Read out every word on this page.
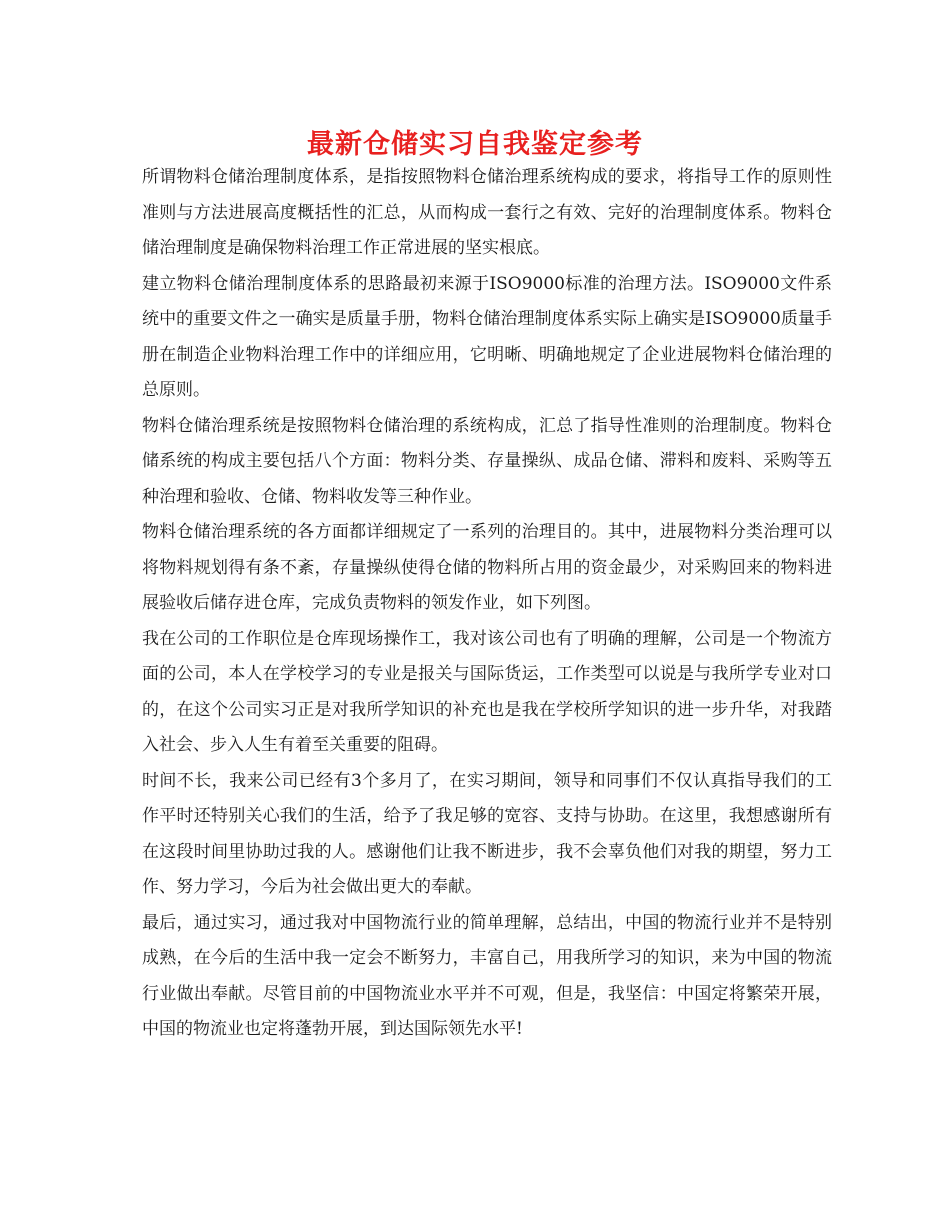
最新仓储实习自我鉴定参考

所谓物料仓储治理制度体系，是指按照物料仓储治理系统构成的要求，将指导工作的原则性准则与方法进展高度概括性的汇总，从而构成一套行之有效、完好的治理制度体系。物料仓储治理制度是确保物料治理工作正常进展的坚实根底。

建立物料仓储治理制度体系的思路最初来源于ISO9000标准的治理方法。ISO9000文件系统中的重要文件之一确实是质量手册，物料仓储治理制度体系实际上确实是ISO9000质量手册在制造企业物料治理工作中的详细应用，它明晰、明确地规定了企业进展物料仓储治理的总原则。

物料仓储治理系统是按照物料仓储治理的系统构成，汇总了指导性准则的治理制度。物料仓储系统的构成主要包括八个方面：物料分类、存量操纵、成品仓储、滞料和废料、采购等五种治理和验收、仓储、物料收发等三种作业。

物料仓储治理系统的各方面都详细规定了一系列的治理目的。其中，进展物料分类治理可以将物料规划得有条不紊，存量操纵使得仓储的物料所占用的资金最少，对采购回来的物料进展验收后储存进仓库，完成负责物料的领发作业，如下列图。

我在公司的工作职位是仓库现场操作工，我对该公司也有了明确的理解，公司是一个物流方面的公司，本人在学校学习的专业是报关与国际货运，工作类型可以说是与我所学专业对口的，在这个公司实习正是对我所学知识的补充也是我在学校所学知识的进一步升华，对我踏入社会、步入人生有着至关重要的阻碍。

时间不长，我来公司已经有3个多月了，在实习期间，领导和同事们不仅认真指导我们的工作平时还特别关心我们的生活，给予了我足够的宽容、支持与协助。在这里，我想感谢所有在这段时间里协助过我的人。感谢他们让我不断进步，我不会辜负他们对我的期望，努力工作、努力学习，今后为社会做出更大的奉献。

最后，通过实习，通过我对中国物流行业的简单理解，总结出，中国的物流行业并不是特别成熟，在今后的生活中我一定会不断努力，丰富自己，用我所学习的知识，来为中国的物流行业做出奉献。尽管目前的中国物流业水平并不可观，但是，我坚信：中国定将繁荣开展，中国的物流业也定将蓬勃开展，到达国际领先水平!
